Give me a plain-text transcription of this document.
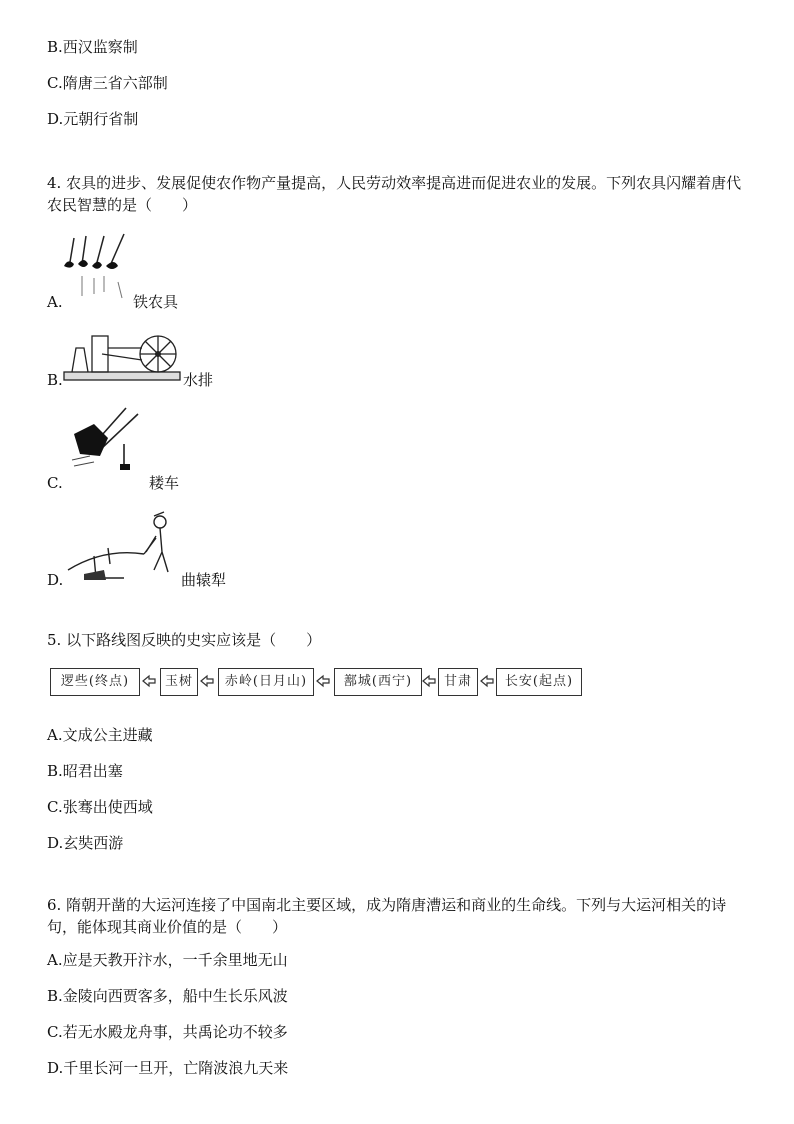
B.西汉监察制
C.隋唐三省六部制
D.元朝行省制
4. 农具的进步、发展促使农作物产量提高，人民劳动效率提高进而促进农业的发展。下列农具闪耀着唐代农民智慧的是（　　）
A.	铁农具
B.	水排
C.	耧车
D.	曲辕犁
5. 以下路线图反映的史实应该是（　　）
逻些(终点)	玉树	赤岭(日月山)	鄯城(西宁)	甘肃	长安(起点)
A.文成公主进藏
B.昭君出塞
C.张骞出使西域
D.玄奘西游
6. 隋朝开凿的大运河连接了中国南北主要区域，成为隋唐漕运和商业的生命线。下列与大运河相关的诗句，能体现其商业价值的是（　　）
A.应是天教开汴水，一千余里地无山
B.金陵向西贾客多，船中生长乐风波
C.若无水殿龙舟事，共禹论功不较多
D.千里长河一旦开，亡隋波浪九天来
